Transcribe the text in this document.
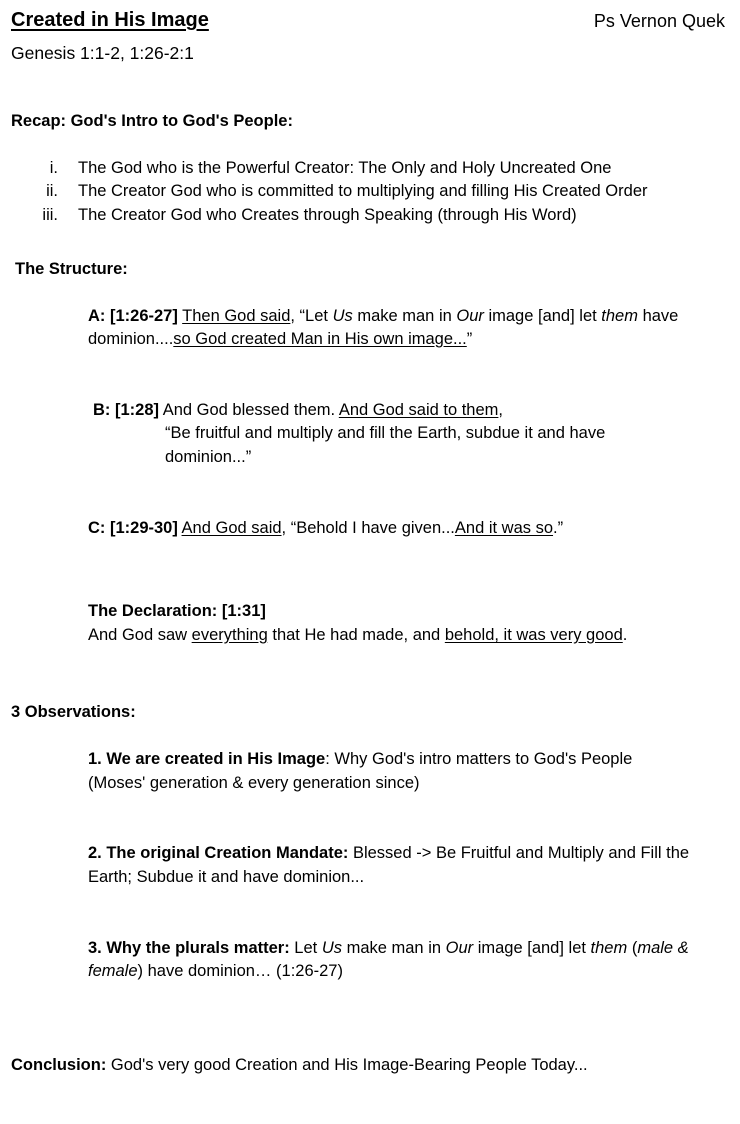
Created in His Image	Ps Vernon Quek
Genesis 1:1-2, 1:26-2:1
Recap: God's Intro to God's People:
i. The God who is the Powerful Creator: The Only and Holy Uncreated One
ii. The Creator God who is committed to multiplying and filling His Created Order
iii. The Creator God who Creates through Speaking (through His Word)
The Structure:
A: [1:26-27] Then God said, “Let Us make man in Our image [and] let them have
dominion....so God created Man in His own image...”
B: [1:28] And God blessed them. And God said to them,
“Be fruitful and multiply and fill the Earth, subdue it and have
dominion...”
C: [1:29-30] And God said, “Behold I have given...And it was so.”
The Declaration: [1:31]
And God saw everything that He had made, and behold, it was very good.
3 Observations:
1. We are created in His Image: Why God's intro matters to God's People
(Moses' generation & every generation since)
2. The original Creation Mandate: Blessed -> Be Fruitful and Multiply and Fill the
Earth; Subdue it and have dominion...
3. Why the plurals matter: Let Us make man in Our image [and] let them (male &
female) have dominion… (1:26-27)
Conclusion: God's very good Creation and His Image-Bearing People Today...
